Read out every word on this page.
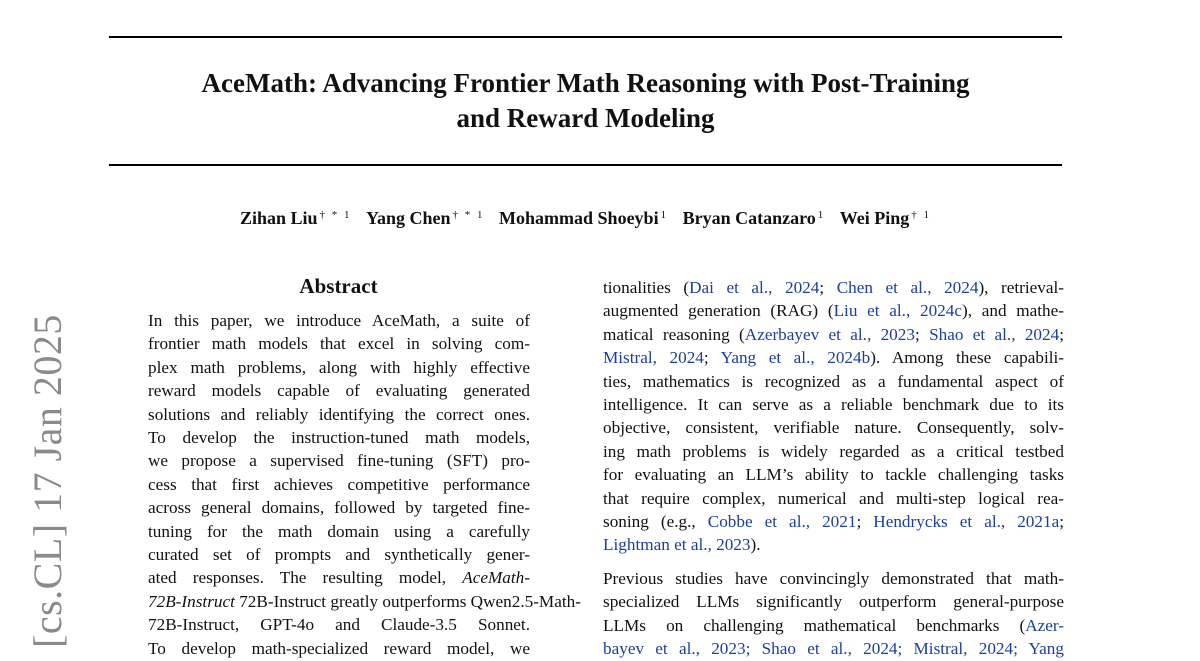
AceMath: Advancing Frontier Math Reasoning with Post-Training
and Reward Modeling
Zihan Liu $^{\dagger * 1}$ Yang Chen $^{\dagger * 1}$ Mohammad Shoeybi $^1$ Bryan Catanzaro $^1$ Wei Ping $^{\dagger 1}$
[cs.CL] 17 Jan 2025
Abstract
In this paper, we introduce AceMath, a suite of
frontier math models that excel in solving com-
plex math problems, along with highly effective
reward models capable of evaluating generated
solutions and reliably identifying the correct ones.
To develop the instruction-tuned math models,
we propose a supervised fine-tuning (SFT) pro-
cess that first achieves competitive performance
across general domains, followed by targeted fine-
tuning for the math domain using a carefully
curated set of prompts and synthetically gener-
ated responses. The resulting model, AceMath-
72B-Instruct 72B-Instruct greatly outperforms Qwen2.5-Math-
72B-Instruct, GPT-4o and Claude-3.5 Sonnet.
To develop math-specialized reward model, we
tionalities (Dai et al., 2024; Chen et al., 2024), retrieval-
augmented generation (RAG) (Liu et al., 2024c), and mathe-
matical reasoning (Azerbayev et al., 2023; Shao et al., 2024;
Mistral, 2024; Yang et al., 2024b). Among these capabili-
ties, mathematics is recognized as a fundamental aspect of
intelligence. It can serve as a reliable benchmark due to its
objective, consistent, verifiable nature. Consequently, solv-
ing math problems is widely regarded as a critical testbed
for evaluating an LLM’s ability to tackle challenging tasks
that require complex, numerical and multi-step logical rea-
soning (e.g., Cobbe et al., 2021; Hendrycks et al., 2021a;
Lightman et al., 2023).
Previous studies have convincingly demonstrated that math-
specialized LLMs significantly outperform general-purpose
LLMs on challenging mathematical benchmarks (Azer-
bayev et al., 2023; Shao et al., 2024; Mistral, 2024; Yang
